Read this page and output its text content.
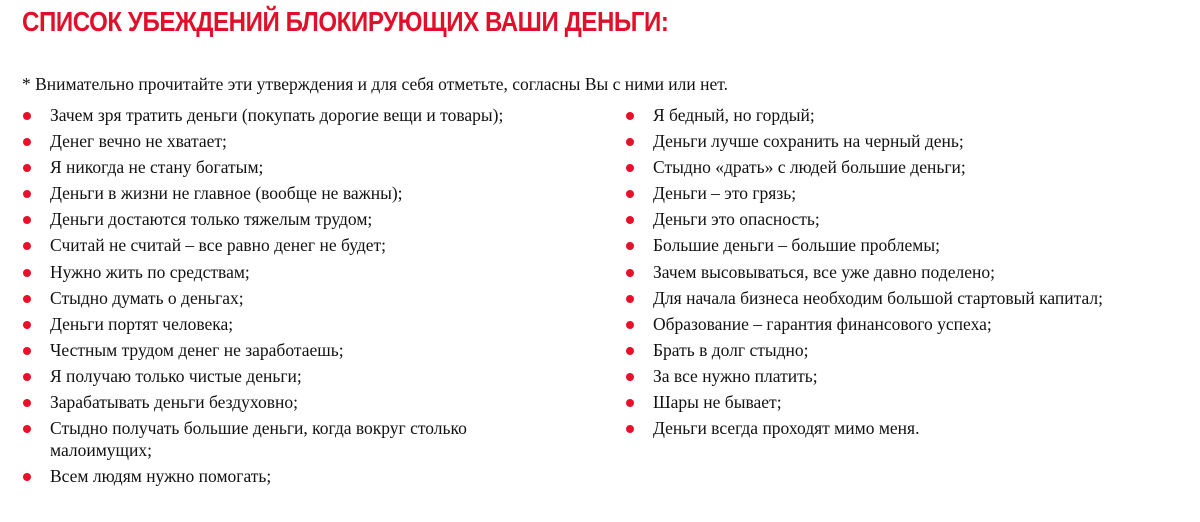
СПИСОК УБЕЖДЕНИЙ БЛОКИРУЮЩИХ ВАШИ ДЕНЬГИ:
* Внимательно прочитайте эти утверждения и для себя отметьте, согласны Вы с ними или нет.
Зачем зря тратить деньги (покупать дорогие вещи и товары);
Денег вечно не хватает;
Я никогда не стану богатым;
Деньги в жизни не главное (вообще не важны);
Деньги достаются только тяжелым трудом;
Считай не считай – все равно денег не будет;
Нужно жить по средствам;
Стыдно думать о деньгах;
Деньги портят человека;
Честным трудом денег не заработаешь;
Я получаю только чистые деньги;
Зарабатывать деньги бездуховно;
Стыдно получать большие деньги, когда вокруг столько малоимущих;
Всем людям нужно помогать;
Я бедный, но гордый;
Деньги лучше сохранить на черный день;
Стыдно «драть» с людей большие деньги;
Деньги – это грязь;
Деньги это опасность;
Большие деньги – большие проблемы;
Зачем высовываться, все уже давно поделено;
Для начала бизнеса необходим большой стартовый капитал;
Образование – гарантия финансового успеха;
Брать в долг стыдно;
За все нужно платить;
Шары не бывает;
Деньги всегда проходят мимо меня.
